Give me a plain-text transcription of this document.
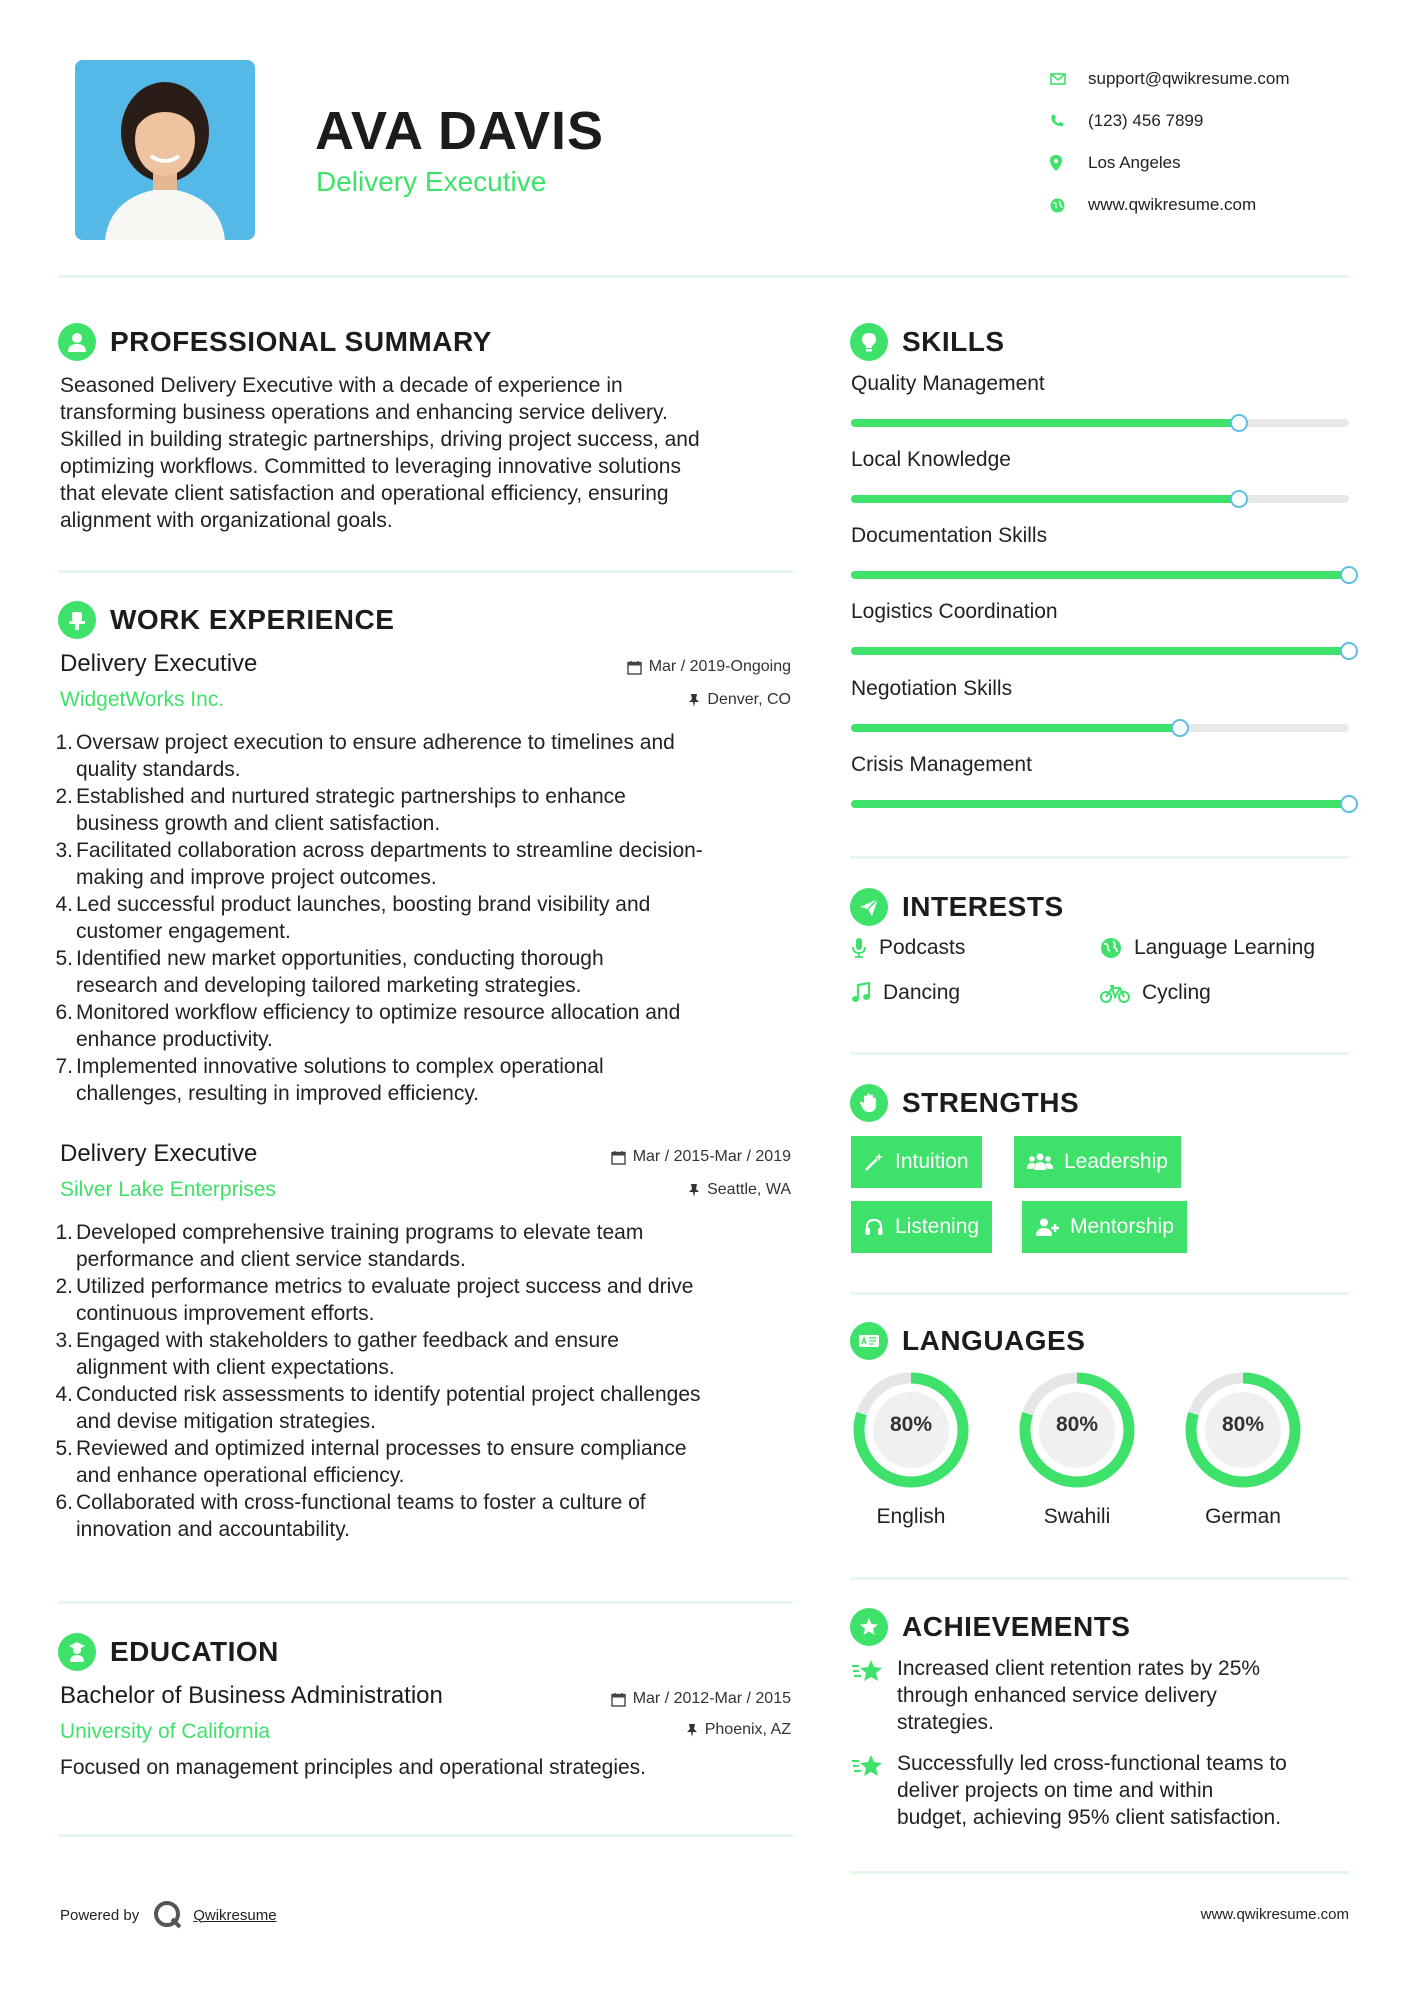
AVA DAVIS
Delivery Executive
support@qwikresume.com
(123) 456 7899
Los Angeles
www.qwikresume.com
PROFESSIONAL SUMMARY
Seasoned Delivery Executive with a decade of experience in
transforming business operations and enhancing service delivery.
Skilled in building strategic partnerships, driving project success, and
optimizing workflows. Committed to leveraging innovative solutions
that elevate client satisfaction and operational efficiency, ensuring
alignment with organizational goals.
WORK EXPERIENCE
Delivery Executive
WidgetWorks Inc.
Mar / 2019-Ongoing
Denver, CO
1. Oversaw project execution to ensure adherence to timelines and
quality standards.
2. Established and nurtured strategic partnerships to enhance
business growth and client satisfaction.
3. Facilitated collaboration across departments to streamline decision-
making and improve project outcomes.
4. Led successful product launches, boosting brand visibility and
customer engagement.
5. Identified new market opportunities, conducting thorough
research and developing tailored marketing strategies.
6. Monitored workflow efficiency to optimize resource allocation and
enhance productivity.
7. Implemented innovative solutions to complex operational
challenges, resulting in improved efficiency.
Delivery Executive
Silver Lake Enterprises
Mar / 2015-Mar / 2019
Seattle, WA
1. Developed comprehensive training programs to elevate team
performance and client service standards.
2. Utilized performance metrics to evaluate project success and drive
continuous improvement efforts.
3. Engaged with stakeholders to gather feedback and ensure
alignment with client expectations.
4. Conducted risk assessments to identify potential project challenges
and devise mitigation strategies.
5. Reviewed and optimized internal processes to ensure compliance
and enhance operational efficiency.
6. Collaborated with cross-functional teams to foster a culture of
innovation and accountability.
EDUCATION
Bachelor of Business Administration
University of California
Mar / 2012-Mar / 2015
Phoenix, AZ
Focused on management principles and operational strategies.
SKILLS
Quality Management
Local Knowledge
Documentation Skills
Logistics Coordination
Negotiation Skills
Crisis Management
INTERESTS
Podcasts	Language Learning
Dancing	Cycling
STRENGTHS
Intuition	Leadership
Listening	Mentorship
LANGUAGES
80%
English
80%
Swahili
80%
German
ACHIEVEMENTS
Increased client retention rates by 25%
through enhanced service delivery
strategies.
Successfully led cross-functional teams to
deliver projects on time and within
budget, achieving 95% client satisfaction.
Powered by	Qwikresume	www.qwikresume.com
